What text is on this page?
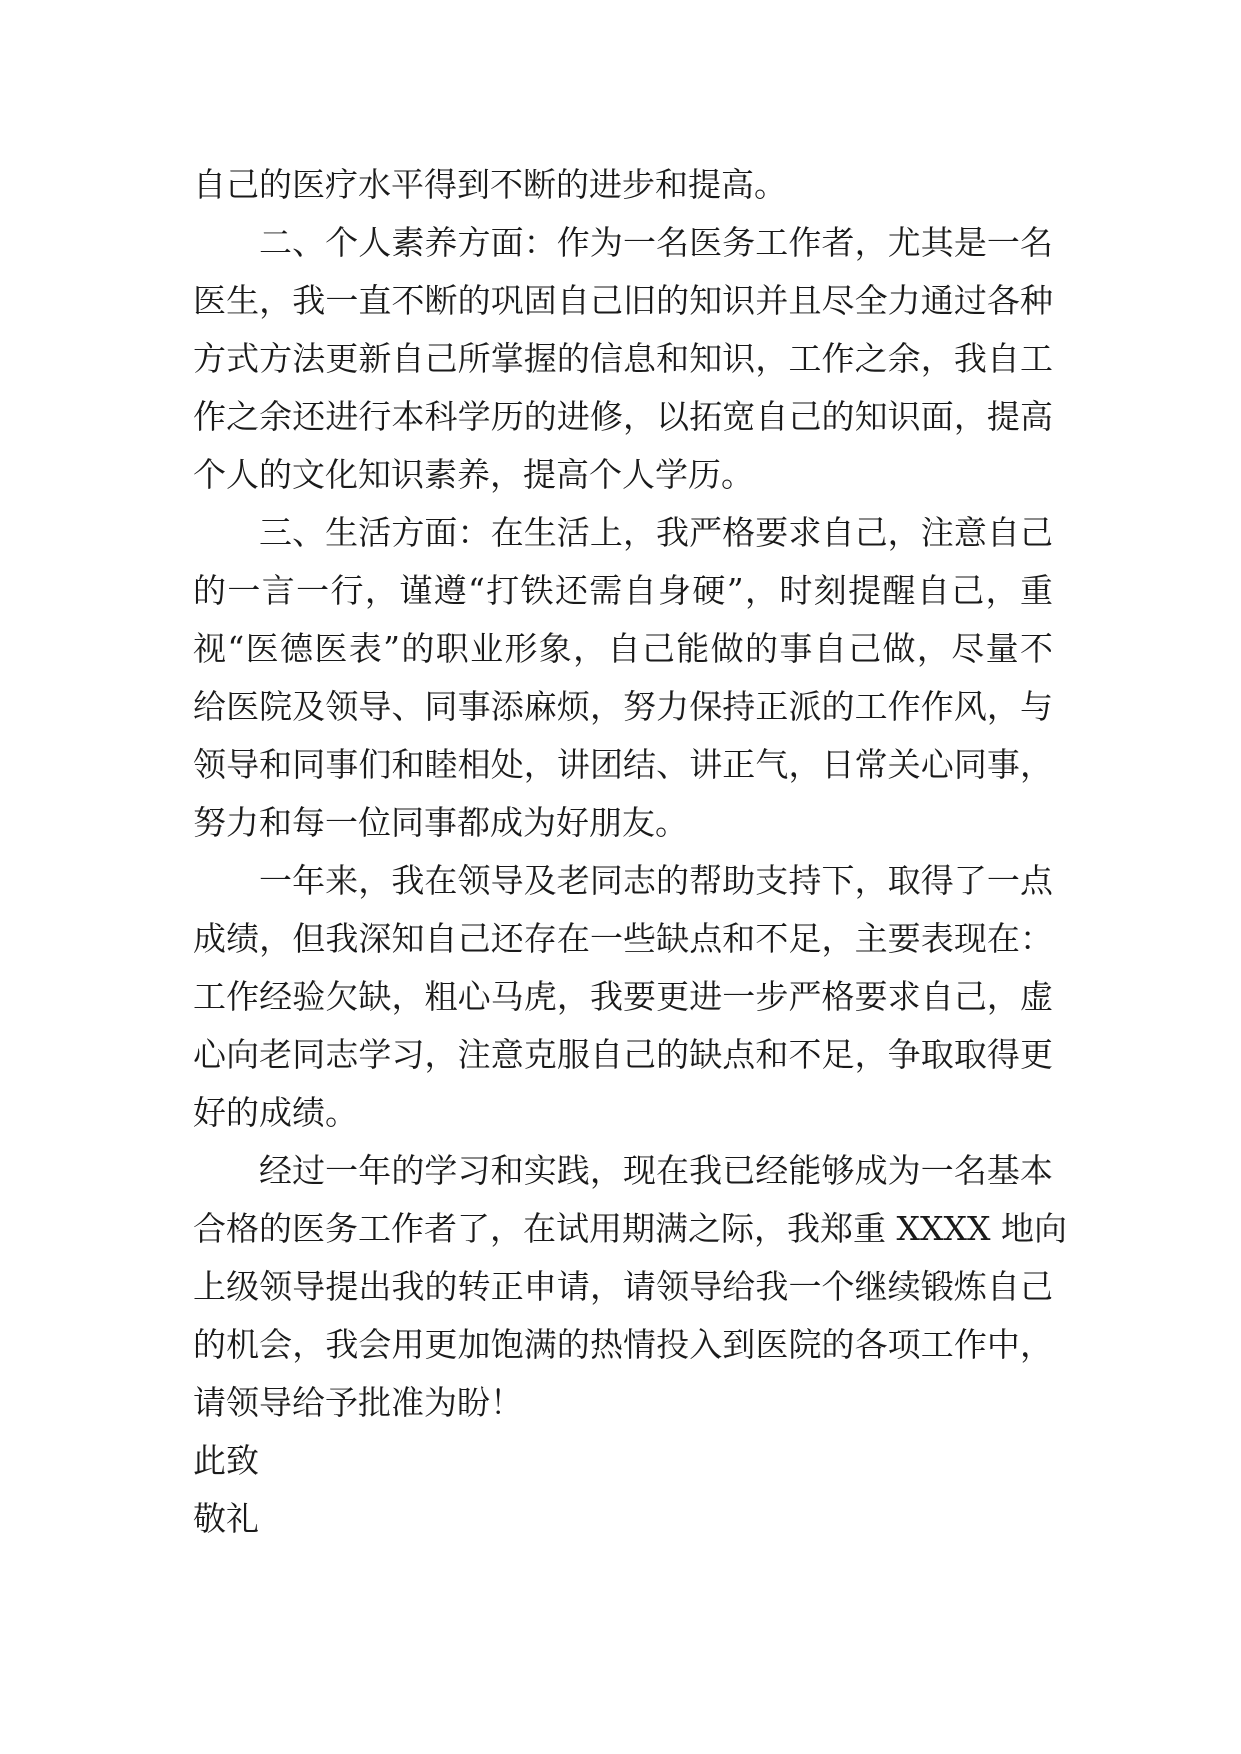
自己的医疗水平得到不断的进步和提高。
二、个人素养方面：作为一名医务工作者，尤其是一名
医生，我一直不断的巩固自己旧的知识并且尽全力通过各种
方式方法更新自己所掌握的信息和知识，工作之余，我自工
作之余还进行本科学历的进修，以拓宽自己的知识面，提高
个人的文化知识素养，提高个人学历。
三、生活方面：在生活上，我严格要求自己，注意自己
的一言一行，谨遵“打铁还需自身硬”，时刻提醒自己，重
视“医德医表”的职业形象，自己能做的事自己做，尽量不
给医院及领导、同事添麻烦，努力保持正派的工作作风，与
领导和同事们和睦相处，讲团结、讲正气，日常关心同事，
努力和每一位同事都成为好朋友。
一年来，我在领导及老同志的帮助支持下，取得了一点
成绩，但我深知自己还存在一些缺点和不足，主要表现在：
工作经验欠缺，粗心马虎，我要更进一步严格要求自己，虚
心向老同志学习，注意克服自己的缺点和不足，争取取得更
好的成绩。
经过一年的学习和实践，现在我已经能够成为一名基本
合格的医务工作者了，在试用期满之际，我郑重 XXXX 地向
上级领导提出我的转正申请，请领导给我一个继续锻炼自己
的机会，我会用更加饱满的热情投入到医院的各项工作中，
请领导给予批准为盼！
此致
敬礼
